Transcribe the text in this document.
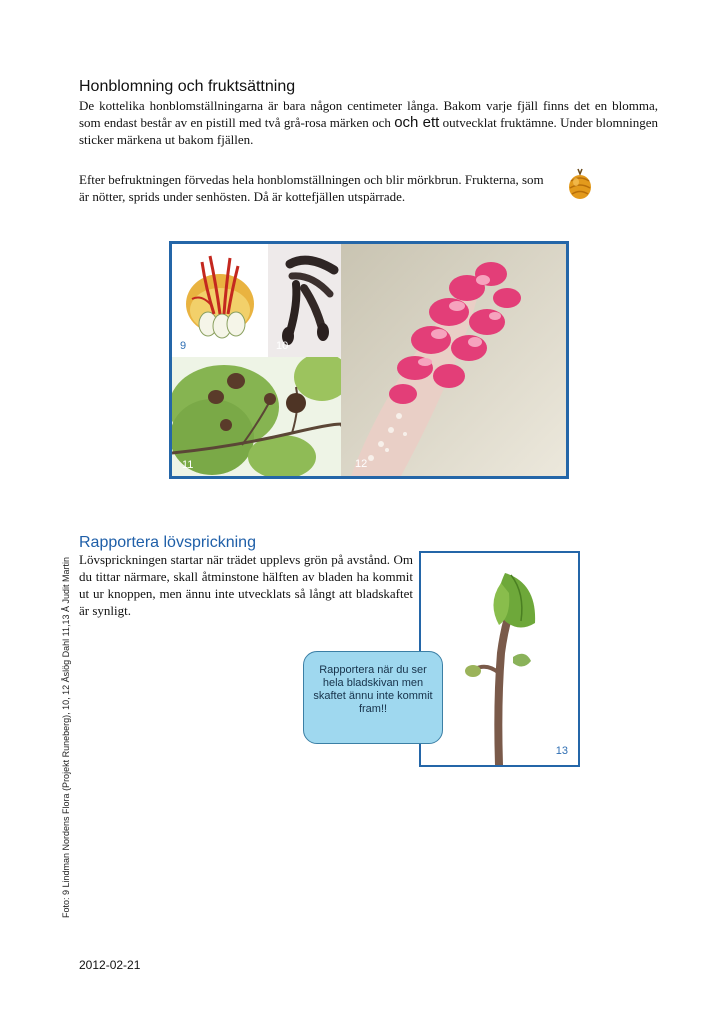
Honblomning och fruktsättning

De kottelika honblomställningarna är bara någon centimeter långa. Bakom varje fjäll finns det en blomma, som endast består av en pistill med två grå-rosa märken och och ett outvecklat fruktämne. Under blomningen sticker märkena ut bakom fjällen.

Efter befruktningen förvedas hela honblomställningen och blir mörkbrun. Frukterna, som är nötter, sprids under senhösten. Då är kottefjällen utspärrade.

9	10
11	12
Rapportera lövsprickning

Lövsprickningen startar när trädet upplevs grön på avstånd. Om du tittar närmare, skall åtminstone hälften av bladen ha kommit ut ur knoppen, men ännu inte utvecklats så långt att bladskaftet är synligt.

13
Rapportera när du ser hela bladskivan men skaftet ännu inte kommit fram!!
Foto: 9 Lindman Nordens Flora (Projekt Runeberg), 10, 12 Åslög Dahl 11,13 Å Judit Martin
2012-02-21
